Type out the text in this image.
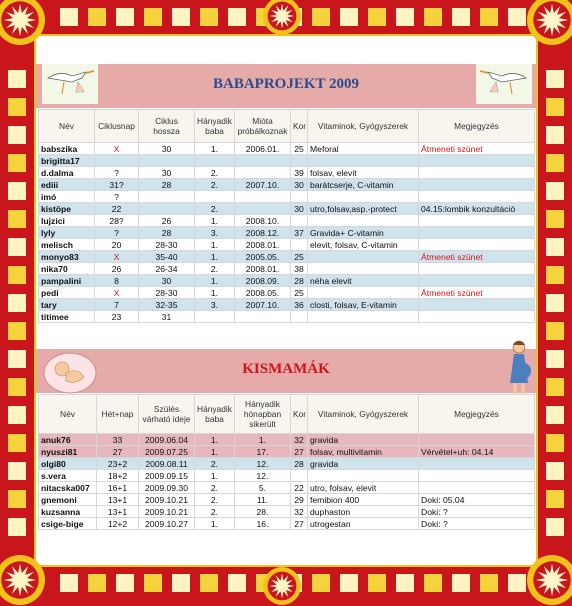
BABAPROJEKT 2009
Név	Ciklusnap	Ciklus hossza	Hányadik baba	Mióta próbálkoznak	Kor	Vitaminok, Gyógyszerek	Megjegyzés
babszika	X	30	1.	2006.01.	25	Meforal	Átmeneti szünet
brigitta17							
d.dalma	?	30	2.		39	folsav, elevit	
ediii	31?	28	2.	2007.10.	30	barátcserje, C-vitamin	
imó	?						
kistöpe	22		2.		30	utro,folsav,asp.-protect	04.15:lombik konzultáció
lujzici	28?	26	1.	2008.10.			
lyly	?	28	3.	2008.12.	37	Gravida+ C-vitamin	
melisch	20	28-30	1.	2008.01.		elevit, folsav, C-vitamin	
monyo83	X	35-40	1.	2005.05.	25		Átmeneti szünet
nika70	26	26-34	2.	2008.01.	38		
pampalini	8	30	1.	2008.09.	28	néha elevit	
pedi	X	28-30	1.	2008.05.	25		Átmeneti szünet
tary	7	32-35	3.	2007.10.	36	closti, folsav, E-vitamin	
titimee	23	31					
KISMAMÁK
Név	Hét+nap	Szülés várható ideje	Hányadik baba	Hányadik hónapban sikerült	Kor	Vitaminok, Gyógyszerek	Megjegyzés
anuk76	33	2009.06.04	1.	1.	32	gravida	
nyuszi81	27	2009.07.25	1.	17.	27	folsav, multivitamin	Vérvétel+uh: 04.14
olgi80	23+2	2009.08.11	2.	12.	28	gravida	
s.vera	18+2	2009.09.15	1.	12.			
nitacska007	16+1	2009.09.30	2.	5.	22	utro, folsav, elevit	
gnemoni	13+1	2009.10.21	2.	11.	29	femibion 400	Doki: 05.04
kuzsanna	13+1	2009.10.21	2.	28.	32	duphaston	Doki: ?
csige-bige	12+2	2009.10.27	1.	16.	27	utrogestan	Doki: ?
